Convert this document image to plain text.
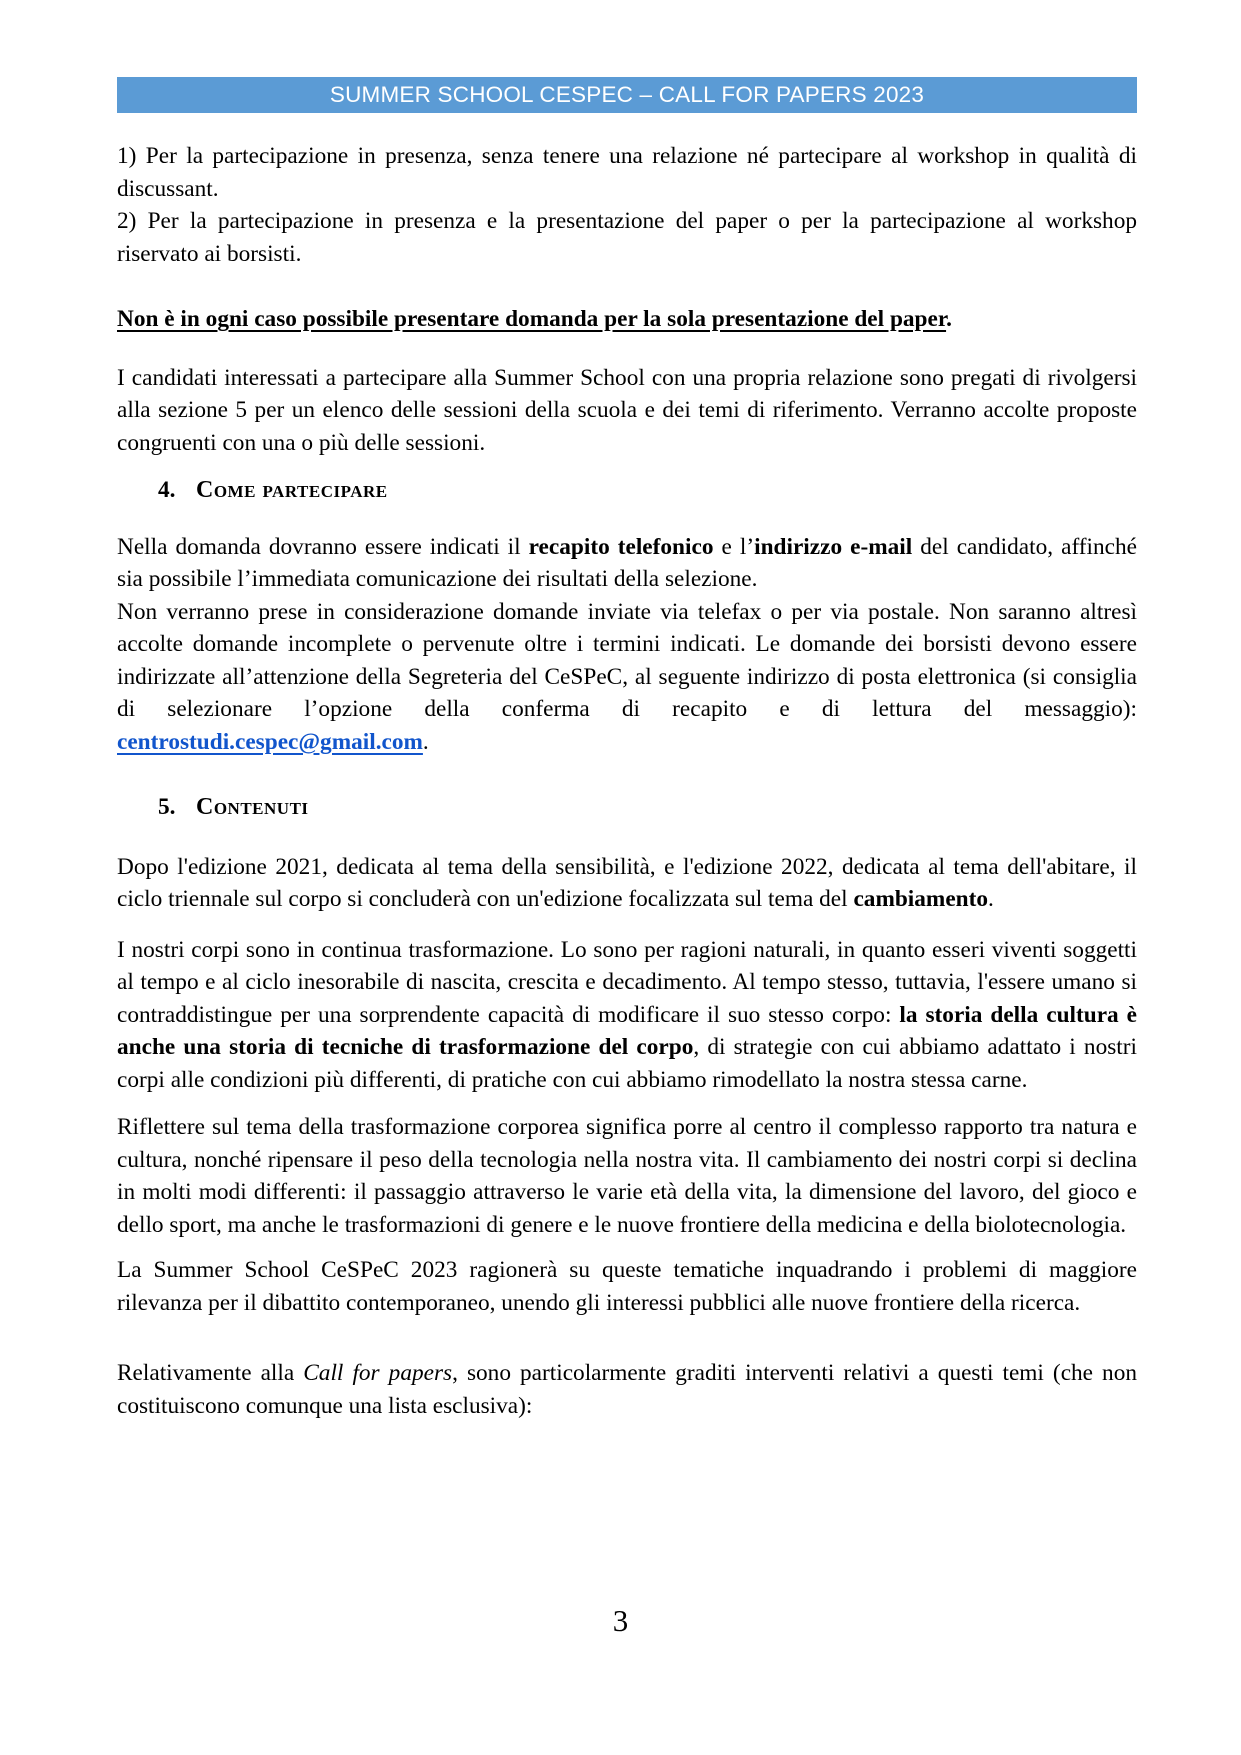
SUMMER SCHOOL CESPEC – CALL FOR PAPERS 2023

1) Per la partecipazione in presenza, senza tenere una relazione né partecipare al workshop in qualità di discussant.

2) Per la partecipazione in presenza e la presentazione del paper o per la partecipazione al workshop riservato ai borsisti.

Non è in ogni caso possibile presentare domanda per la sola presentazione del paper.

I candidati interessati a partecipare alla Summer School con una propria relazione sono pregati di rivolgersi alla sezione 5 per un elenco delle sessioni della scuola e dei temi di riferimento. Verranno accolte proposte congruenti con una o più delle sessioni.

4. Come partecipare

Nella domanda dovranno essere indicati il recapito telefonico e l’indirizzo e-mail del candidato, affinché sia possibile l’immediata comunicazione dei risultati della selezione.

Non verranno prese in considerazione domande inviate via telefax o per via postale. Non saranno altresì accolte domande incomplete o pervenute oltre i termini indicati. Le domande dei borsisti devono essere indirizzate all’attenzione della Segreteria del CeSPeC, al seguente indirizzo di posta elettronica (si consiglia di selezionare l’opzione della conferma di recapito e di lettura del messaggio): centrostudi.cespec@gmail.com.

5. Contenuti

Dopo l'edizione 2021, dedicata al tema della sensibilità, e l'edizione 2022, dedicata al tema dell'abitare, il ciclo triennale sul corpo si concluderà con un'edizione focalizzata sul tema del cambiamento.

I nostri corpi sono in continua trasformazione. Lo sono per ragioni naturali, in quanto esseri viventi soggetti al tempo e al ciclo inesorabile di nascita, crescita e decadimento. Al tempo stesso, tuttavia, l'essere umano si contraddistingue per una sorprendente capacità di modificare il suo stesso corpo: la storia della cultura è anche una storia di tecniche di trasformazione del corpo, di strategie con cui abbiamo adattato i nostri corpi alle condizioni più differenti, di pratiche con cui abbiamo rimodellato la nostra stessa carne.

Riflettere sul tema della trasformazione corporea significa porre al centro il complesso rapporto tra natura e cultura, nonché ripensare il peso della tecnologia nella nostra vita. Il cambiamento dei nostri corpi si declina in molti modi differenti: il passaggio attraverso le varie età della vita, la dimensione del lavoro, del gioco e dello sport, ma anche le trasformazioni di genere e le nuove frontiere della medicina e della biolotecnologia.

La Summer School CeSPeC 2023 ragionerà su queste tematiche inquadrando i problemi di maggiore rilevanza per il dibattito contemporaneo, unendo gli interessi pubblici alle nuove frontiere della ricerca.

Relativamente alla Call for papers, sono particolarmente graditi interventi relativi a questi temi (che non costituiscono comunque una lista esclusiva):

3
